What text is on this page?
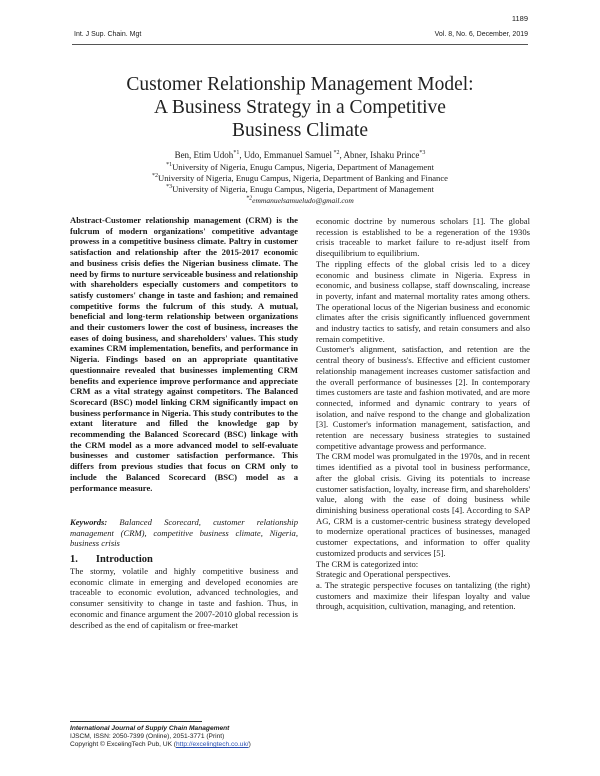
1189
Int. J Sup. Chain. Mgt	Vol. 8, No. 6, December, 2019
Customer Relationship Management Model:
A Business Strategy in a Competitive
Business Climate
Ben, Etim Udoh$^{*1}$, Udo, Emmanuel Samuel $^{*2}$, Abner, Ishaku Prince$^{*3}$
$^{*1}$University of Nigeria, Enugu Campus, Nigeria, Department of Management
$^{*2}$University of Nigeria, Enugu Campus, Nigeria, Department of Banking and Finance
$^{*3}$University of Nigeria, Enugu Campus, Nigeria, Department of Management
$^{*2}$emmanuelsamueludo@gmail.com
Abstract-Customer relationship management (CRM) is the fulcrum of modern organizations' competitive advantage prowess in a competitive business climate. Paltry in customer satisfaction and relationship after the 2015-2017 economic and business crisis defies the Nigerian business climate. The need by firms to nurture serviceable business and relationship with shareholders especially customers and competitors to satisfy customers' change in taste and fashion; and remained competitive forms the fulcrum of this study. A mutual, beneficial and long-term relationship between organizations and their customers lower the cost of business, increases the eases of doing business, and shareholders' values. This study examines CRM implementation, benefits, and performance in Nigeria. Findings based on an appropriate quantitative questionnaire revealed that businesses implementing CRM benefits and experience improve performance and appreciate CRM as a vital strategy against competitors. The Balanced Scorecard (BSC) model linking CRM significantly impact on business performance in Nigeria. This study contributes to the extant literature and filled the knowledge gap by recommending the Balanced Scorecard (BSC) linkage with the CRM model as a more advanced model to self-evaluate businesses and customer satisfaction performance. This differs from previous studies that focus on CRM only to include the Balanced Scorecard (BSC) model as a performance measure.
Keywords: Balanced Scorecard, customer relationship management (CRM), competitive business climate, Nigeria, business crisis
1. Introduction
The stormy, volatile and highly competitive business and economic climate in emerging and developed economies are traceable to economic evolution, advanced technologies, and consumer sensitivity to change in taste and fashion. Thus, in economic and finance argument the 2007-2010 global recession is described as the end of capitalism or free-market

economic doctrine by numerous scholars [1]. The global recession is established to be a regeneration of the 1930s crisis traceable to market failure to re-adjust itself from disequilibrium to equilibrium.

The rippling effects of the global crisis led to a dicey economic and business climate in Nigeria. Express in economic, and business collapse, staff downscaling, increase in poverty, infant and maternal mortality rates among others. The operational locus of the Nigerian business and economic climates after the crisis significantly influenced government and industry tactics to satisfy, and retain consumers and also remain competitive.

Customer's alignment, satisfaction, and retention are the central theory of business's. Effective and efficient customer relationship management increases customer satisfaction and the overall performance of businesses [2]. In contemporary times customers are taste and fashion motivated, and are more connected, informed and dynamic contrary to years of isolation, and naïve respond to the change and globalization [3]. Customer's information management, satisfaction, and retention are necessary business strategies to sustained competitive advantage prowess and performance.

The CRM model was promulgated in the 1970s, and in recent times identified as a pivotal tool in business performance, after the global crisis. Giving its potentials to increase customer satisfaction, loyalty, increase firm, and shareholders' value, along with the ease of doing business while diminishing business operational costs [4]. According to SAP AG, CRM is a customer-centric business strategy developed to modernize operational practices of businesses, managed customer expectations, and information to offer quality customized products and services [5].

The CRM is categorized into:

Strategic and Operational perspectives.

a. The strategic perspective focuses on tantalizing (the right) customers and maximize their lifespan loyalty and value through, acquisition, cultivation, managing, and retention.

International Journal of Supply Chain Management
IJSCM, ISSN: 2050-7399 (Online), 2051-3771 (Print)
Copyright © ExcelingTech Pub, UK (http://excelingtech.co.uk/)
